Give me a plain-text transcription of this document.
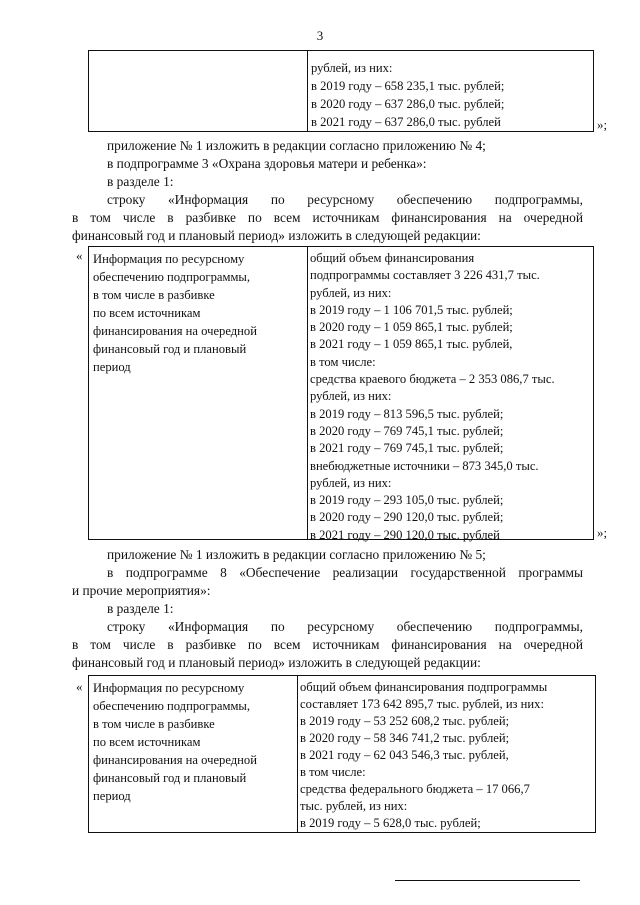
3
рублей, из них:
в 2019 году – 658 235,1 тыс. рублей;
в 2020 году – 637 286,0 тыс. рублей;
в 2021 году – 637 286,0 тыс. рублей	»;
приложение № 1 изложить в редакции согласно приложению № 4;
в подпрограмме 3 «Охрана здоровья матери и ребенка»:
в разделе 1:
строку «Информация по ресурсному обеспечению подпрограммы,
в том числе в разбивке по всем источникам финансирования на очередной
финансовый год и плановый период» изложить в следующей редакции:
« Информация по ресурсному
обеспечению подпрограммы,
в том числе в разбивке
по всем источникам
финансирования на очередной
финансовый год и плановый
период
общий объем финансирования
подпрограммы составляет 3 226 431,7 тыс.
рублей, из них:
в 2019 году – 1 106 701,5 тыс. рублей;
в 2020 году – 1 059 865,1 тыс. рублей;
в 2021 году – 1 059 865,1 тыс. рублей,
в том числе:
средства краевого бюджета – 2 353 086,7 тыс.
рублей, из них:
в 2019 году – 813 596,5 тыс. рублей;
в 2020 году – 769 745,1 тыс. рублей;
в 2021 году – 769 745,1 тыс. рублей;
внебюджетные источники – 873 345,0 тыс.
рублей, из них:
в 2019 году – 293 105,0 тыс. рублей;
в 2020 году – 290 120,0 тыс. рублей;
в 2021 году – 290 120,0 тыс. рублей	»;
приложение № 1 изложить в редакции согласно приложению № 5;
в подпрограмме 8 «Обеспечение реализации государственной программы
и прочие мероприятия»:
в разделе 1:
строку «Информация по ресурсному обеспечению подпрограммы,
в том числе в разбивке по всем источникам финансирования на очередной
финансовый год и плановый период» изложить в следующей редакции:
« Информация по ресурсному
обеспечению подпрограммы,
в том числе в разбивке
по всем источникам
финансирования на очередной
финансовый год и плановый
период
общий объем финансирования подпрограммы
составляет 173 642 895,7 тыс. рублей, из них:
в 2019 году – 53 252 608,2 тыс. рублей;
в 2020 году – 58 346 741,2 тыс. рублей;
в 2021 году – 62 043 546,3 тыс. рублей,
в том числе:
средства федерального бюджета – 17 066,7
тыс. рублей, из них:
в 2019 году – 5 628,0 тыс. рублей;
